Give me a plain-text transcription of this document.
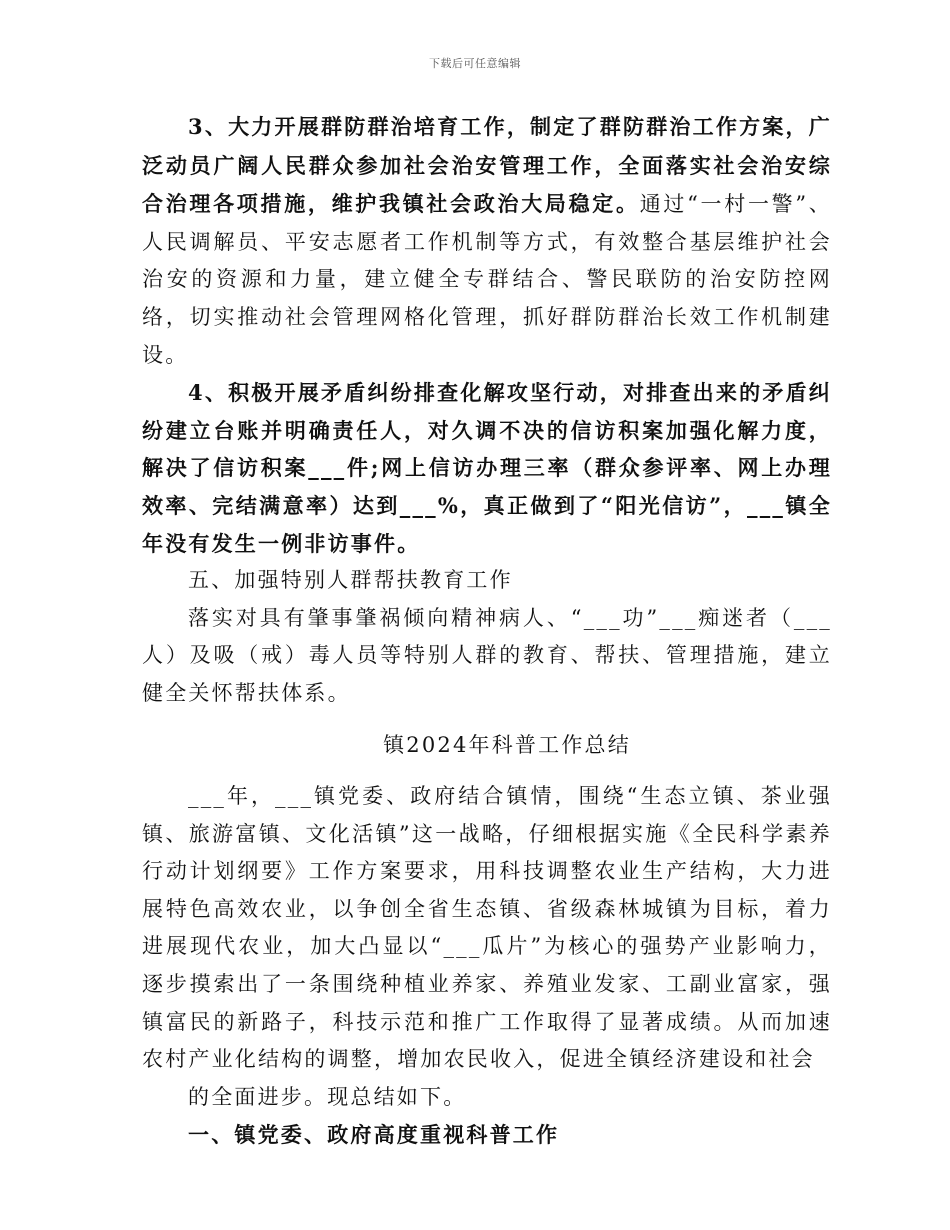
下载后可任意编辑

3、大力开展群防群治培育工作，制定了群防群治工作方案，广泛动员广阔人民群众参加社会治安管理工作，全面落实社会治安综合治理各项措施，维护我镇社会政治大局稳定。通过“一村一警”、人民调解员、平安志愿者工作机制等方式，有效整合基层维护社会治安的资源和力量，建立健全专群结合、警民联防的治安防控网络，切实推动社会管理网格化管理，抓好群防群治长效工作机制建设。

4、积极开展矛盾纠纷排查化解攻坚行动，对排查出来的矛盾纠纷建立台账并明确责任人，对久调不决的信访积案加强化解力度，解决了信访积案___件;网上信访办理三率（群众参评率、网上办理效率、完结满意率）达到___%，真正做到了“阳光信访”，___镇全年没有发生一例非访事件。

五、加强特别人群帮扶教育工作

落实对具有肇事肇祸倾向精神病人、“___功”___痴迷者（___人）及吸（戒）毒人员等特别人群的教育、帮扶、管理措施，建立健全关怀帮扶体系。

镇2024年科普工作总结

___年，___镇党委、政府结合镇情，围绕“生态立镇、茶业强镇、旅游富镇、文化活镇”这一战略，仔细根据实施《全民科学素养行动计划纲要》工作方案要求，用科技调整农业生产结构，大力进展特色高效农业，以争创全省生态镇、省级森林城镇为目标，着力进展现代农业，加大凸显以“___瓜片”为核心的强势产业影响力，逐步摸索出了一条围绕种植业养家、养殖业发家、工副业富家，强镇富民的新路子，科技示范和推广工作取得了显著成绩。从而加速农村产业化结构的调整，增加农民收入，促进全镇经济建设和社会

的全面进步。现总结如下。

一、镇党委、政府高度重视科普工作
